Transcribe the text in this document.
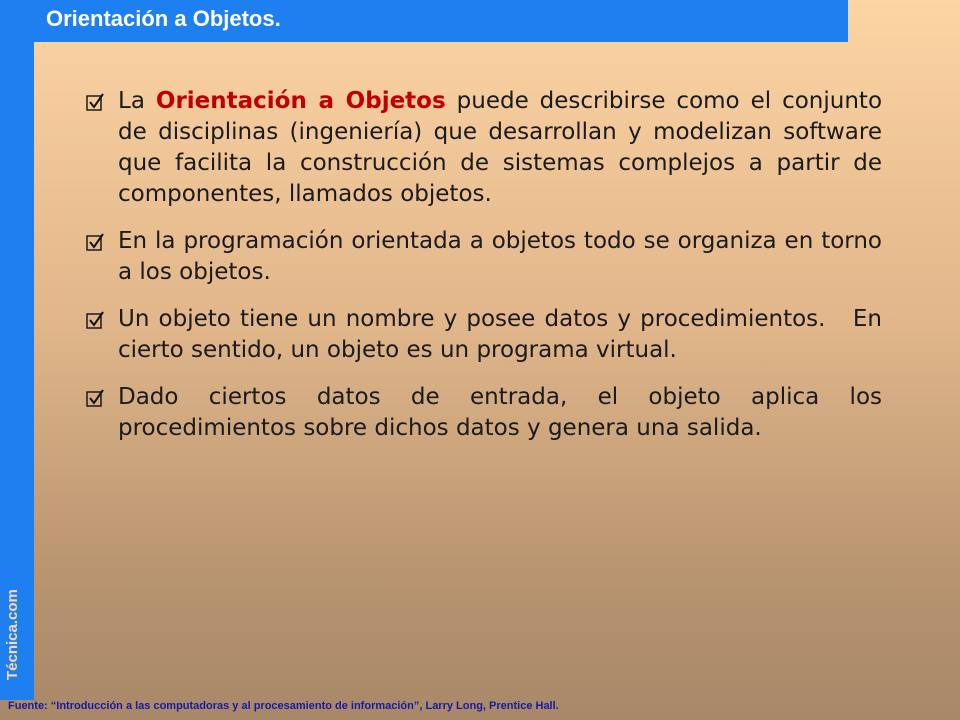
Orientación a Objetos.
Técnica.com
La Orientación a Objetos puede describirse como el conjunto de disciplinas (ingeniería) que desarrollan y modelizan software que facilita la construcción de sistemas complejos a partir de componentes, llamados objetos.
En la programación orientada a objetos todo se organiza en torno a los objetos.
Un objeto tiene un nombre y posee datos y procedimientos.   En cierto sentido, un objeto es un programa virtual.
Dado ciertos datos de entrada, el objeto aplica los procedimientos sobre dichos datos y genera una salida.
Fuente: “Introducción a las computadoras y al procesamiento de información”, Larry Long, Prentice Hall.
